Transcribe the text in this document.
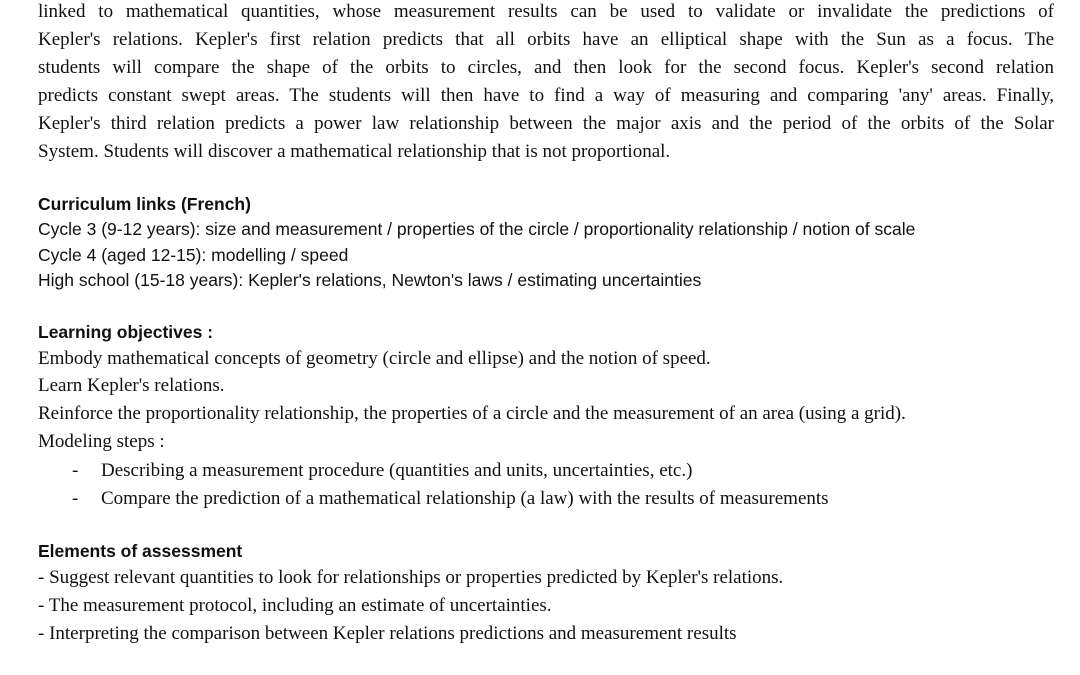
linked to mathematical quantities, whose measurement results can be used to validate or invalidate the predictions of
Kepler's relations. Kepler's first relation predicts that all orbits have an elliptical shape with the Sun as a focus. The
students will compare the shape of the orbits to circles, and then look for the second focus. Kepler's second relation
predicts constant swept areas. The students will then have to find a way of measuring and comparing 'any' areas. Finally,
Kepler's third relation predicts a power law relationship between the major axis and the period of the orbits of the Solar
System. Students will discover a mathematical relationship that is not proportional.
Curriculum links (French)
Cycle 3 (9-12 years): size and measurement / properties of the circle / proportionality relationship / notion of scale
Cycle 4 (aged 12-15): modelling / speed
High school (15-18 years): Kepler's relations, Newton's laws / estimating uncertainties
Learning objectives :
Embody mathematical concepts of geometry (circle and ellipse) and the notion of speed.
Learn Kepler's relations.
Reinforce the proportionality relationship, the properties of a circle and the measurement of an area (using a grid).
Modeling steps :
- Describing a measurement procedure (quantities and units, uncertainties, etc.)
- Compare the prediction of a mathematical relationship (a law) with the results of measurements
Elements of assessment
- Suggest relevant quantities to look for relationships or properties predicted by Kepler's relations.
- The measurement protocol, including an estimate of uncertainties.
- Interpreting the comparison between Kepler relations predictions and measurement results
